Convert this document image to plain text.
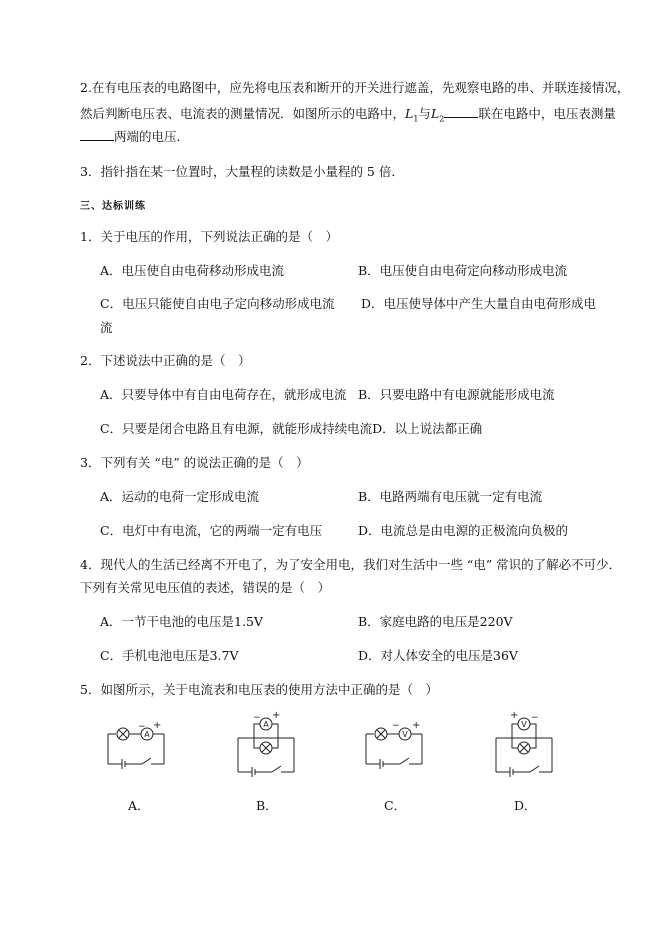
2.在有电压表的电路图中，应先将电压表和断开的开关进行遮盖，先观察电路的串、并联连接情况，
然后判断电压表、电流表的测量情况．如图所示的电路中，$L_1$与$L_2$	联在电路中，电压表测量
两端的电压．
3．指针指在某一位置时，大量程的读数是小量程的 5 倍．
三、达标训练
1．关于电压的作用，下列说法正确的是（　）
A．电压使自由电荷移动形成电流	B．电压使自由电荷定向移动形成电流
C．电压只能使自由电子定向移动形成电流 D．电压使导体中产生大量自由电荷形成电
流
2．下述说法中正确的是（　）
A．只要导体中有自由电荷存在，就形成电流 B．只要电路中有电源就能形成电流
C．只要是闭合电路且有电源，就能形成持续电流D．以上说法都正确
3．下列有关 “电” 的说法正确的是（　）
A．运动的电荷一定形成电流	B．电路两端有电压就一定有电流
C．电灯中有电流，它的两端一定有电压	D．电流总是由电源的正极流向负极的
4．现代人的生活已经离不开电了，为了安全用电，我们对生活中一些 “电” 常识的了解必不可少．
下列有关常见电压值的表述，错误的是（　）
A．一节干电池的电压是1.5V	B．家庭电路的电压是220V
C．手机电池电压是3.7V	D．对人体安全的电压是36V
5．如图所示，关于电流表和电压表的使用方法中正确的是（　）
A
− +
A．
A
− +
B．
V
− +
C．
V
+ −
D．
